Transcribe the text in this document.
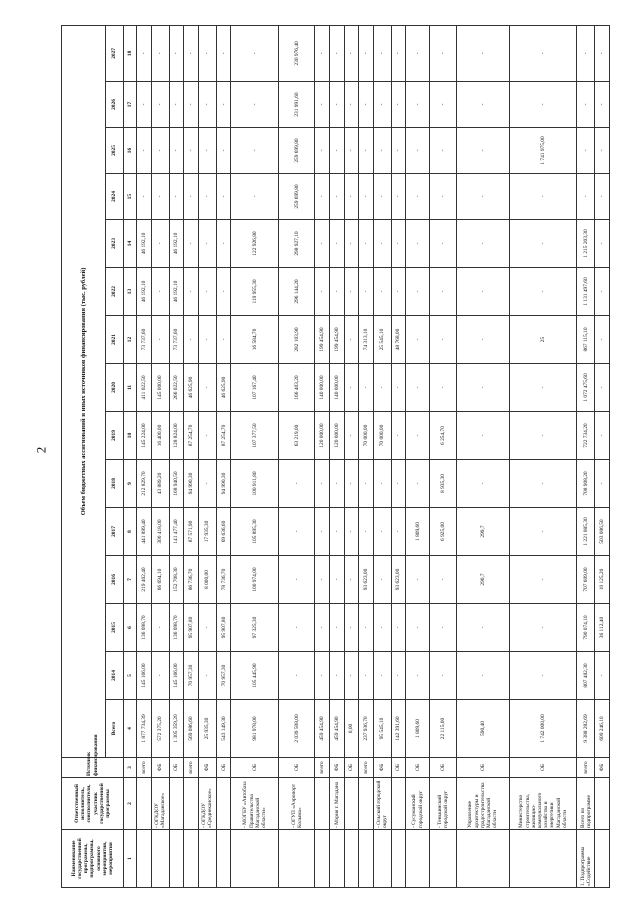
2
Наименование государственной программы, подпрограммы, основного мероприятия, мероприятия	Ответственный исполнитель, соисполнители, участник государственной программы	Источник финансирования	Объем бюджетных ассигнований и иных источников финансирования (тыс. рублей)														
			Всего	2014	2015	2016	2017	2018	2019	2020	2021	2022	2023	2024	2025	2026	2027
1	2	3	4	5	6	7	8	9	10	11	12	13	14	15	16	17	18
		всего	1 877 734,39	145 166,00	136 098,70	219 402,40	441 899,40	212 829,70	145 224,00	411 022,50	73 737,60	46 192,10	46 192,10	-	-	-	-
	- ОГКДОУ «Магаданское»	ФБ	572 375,20	-	-	66 694,10	300 418,00	43 889,20	16 400,00	145 000,00	-	-	-	-	-	-	-
		ОБ	1 305 359,20	145 166,00	136 098,70	152 708,30	141 477,40	168 940,50	128 824,00	266 022,50	73 737,60	46 192,10	46 192,10	-	-	-	-
		всего	569 086,60	70 957,30	95 907,80	86 736,70	87 571,90	94 990,30	87 254,70	46 625,90	-	-	-	-	-	-	-
	- ОГКДОУ «Среднеканское»	ФБ	25 935,30	-	-	8 000,00	17 935,30	-	-	-	-	-	-	-	-	-	-
		ОБ	543 149,30	70 957,30	95 907,80	78 736,70	69 636,60	94 990,30	87 254,70	46 625,90	-	-	-	-	-	-	-
	- МОГБУ «Автобаза Правительства Магаданской области»	ОБ	981 978,00	105 445,90	97 325,30	100 974,00	105 895,30	100 911,80	107 377,50	107 167,40	16 584,70	119 955,30	122 926,80	-	-	-	-
	- ОГУП «Аэропорт Колыма»	ОБ	2 039 508,00	-	-	-	-	-	63 219,00	166 403,20	282 103,90	296 144,20	298 927,10	259 699,80	259 699,80	231 991,60	230 976,40
		всего	459 454,90	-	-	-	-	-	120 000,00	140 000,00	199 454,90	-	-	-	-	-	-
	- Мэрия г. Магадана	ФБ	459 454,90	-	-	-	-	-	120 000,00	140 000,00	199 454,90	-	-	-	-	-	-
		ОБ	0,00	-	-	-	-	-	-	-	-	-	-	-	-	-	-
		всего	237 936,70	-	-	93 623,00	-	-	70 000,00	-	74 313,10	-	-	-	-	-	-
	- Ольский городской округ	ФБ	95 545,10	-	-	-	-	-	70 000,00	-	25 545,10	-	-	-	-	-	-
		ОБ	142 391,60	-	-	93 623,00	-	-	-	-	48 768,00	-	-	-	-	-	-
	- Сусуманский городской округ	ОБ	1 809,60	-	-	-	1 809,60	-	-	-	-	-	-	-	-	-	-
	- Тенькинский городской округ	ОБ	22 115,00	-	-	-	6 925,00	8 935,30	6 254,70	-	-	-	-	-	-	-	-
	Управление архитектуры и градостроительства Магаданской области	ОБ	590,40	-	-	290,7	299,7	-	-	-	-	-	-	-	-	-	-
	Министерство строительства, жилищно-коммунального хозяйства и энергетики Магаданской области	ОБ	1 742 000,00	-	-	-	-	-	-	-	25	-	-	-	1 741 975,00	-	-
1. Подпрограмма «Содействие	Всего по подпрограмме	всего	9 388 282,69	807 482,30	790 074,10	707 609,00	1 221 885,30	708 908,20	722 734,20	1 072 475,60	867 115,10	1 131 497,60	1 215 203,30	-	-	-	-
		ФБ	609 246,10	-	36 112,40	10 125,20	503 006,50	-	-	-	-	-	-	-	-	-	-
